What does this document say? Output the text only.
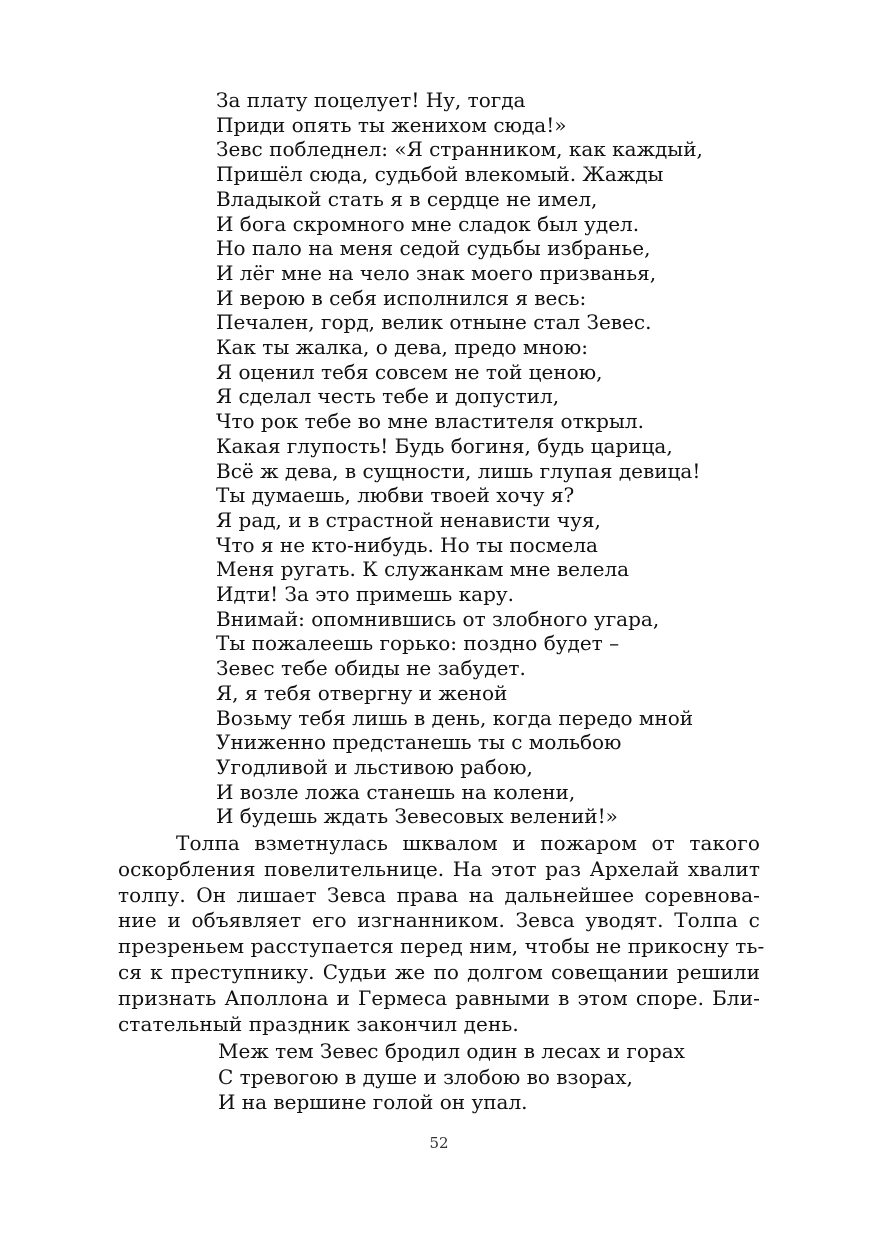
За плату поцелует! Ну, тогда
Приди опять ты женихом сюда!»
Зевс побледнел: «Я странником, как каждый,
Пришёл сюда, судьбой влекомый. Жажды
Владыкой стать я в сердце не имел,
И бога скромного мне сладок был удел.
Но пало на меня седой судьбы избранье,
И лёг мне на чело знак моего призванья,
И верою в себя исполнился я весь:
Печален, горд, велик отныне стал Зевес.
Как ты жалка, о дева, предо мною:
Я оценил тебя совсем не той ценою,
Я сделал честь тебе и допустил,
Что рок тебе во мне властителя открыл.
Какая глупость! Будь богиня, будь царица,
Всё ж дева, в сущности, лишь глупая девица!
Ты думаешь, любви твоей хочу я?
Я рад, и в страстной ненависти чуя,
Что я не кто-нибудь. Но ты посмела
Меня ругать. К служанкам мне велела
Идти! За это примешь кару.
Внимай: опомнившись от злобного угара,
Ты пожалеешь горько: поздно будет –
Зевес тебе обиды не забудет.
Я, я тебя отвергну и женой
Возьму тебя лишь в день, когда передо мной
Униженно предстанешь ты с мольбою
Угодливой и льстивою рабою,
И возле ложа станешь на колени,
И будешь ждать Зевесовых велений!»
Толпа взметнулась шквалом и пожаром от такого
оскорбления повелительнице. На этот раз Архелай хвалит
толпу. Он лишает Зевса права на дальнейшее соревнова-
ние и объявляет его изгнанником. Зевса уводят. Толпа с
презреньем расступается перед ним, чтобы не прикосну ть-
ся к преступнику. Судьи же по долгом совещании решили
признать Аполлона и Гермеса равными в этом споре. Бли-
стательный праздник закончил день.
Меж тем Зевес бродил один в лесах и горах
С тревогою в душе и злобою во взорах,
И на вершине голой он упал.
52
